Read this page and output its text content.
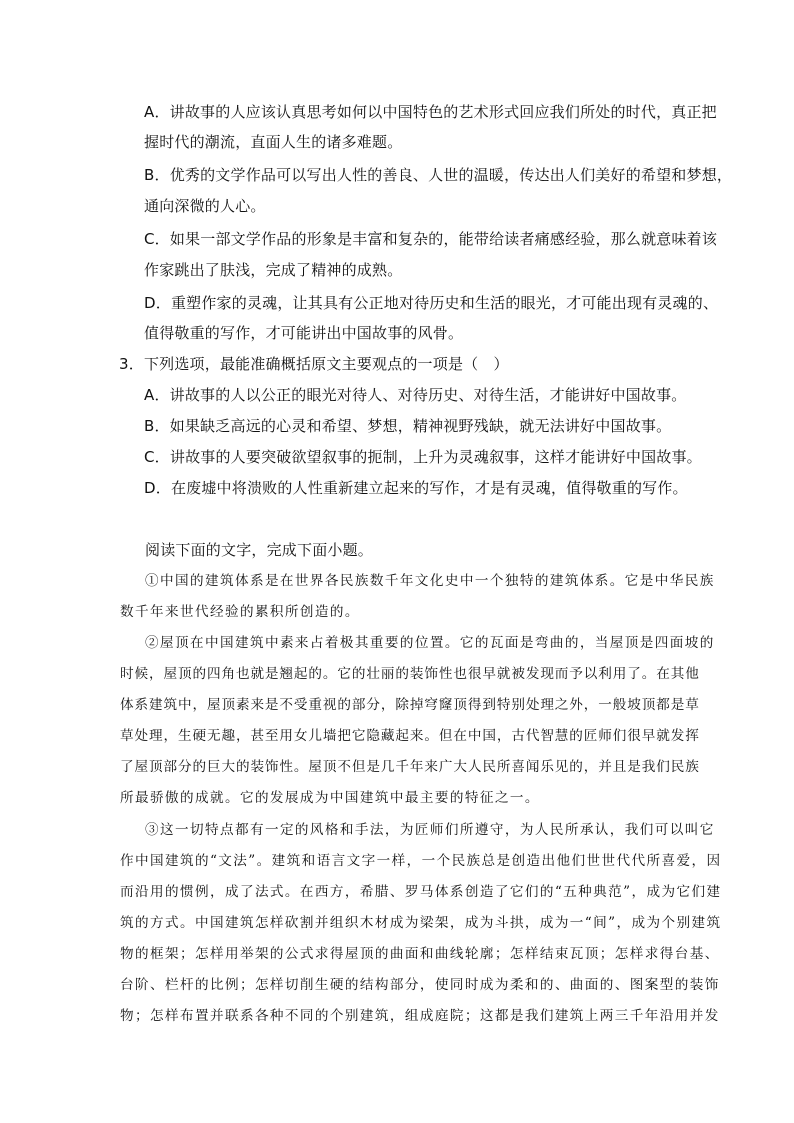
A．讲故事的人应该认真思考如何以中国特色的艺术形式回应我们所处的时代，真正把
握时代的潮流，直面人生的诸多难题。
B．优秀的文学作品可以写出人性的善良、人世的温暖，传达出人们美好的希望和梦想，
通向深微的人心。
C．如果一部文学作品的形象是丰富和复杂的，能带给读者痛感经验，那么就意味着该
作家跳出了肤浅，完成了精神的成熟。
D．重塑作家的灵魂，让其具有公正地对待历史和生活的眼光，才可能出现有灵魂的、
值得敬重的写作，才可能讲出中国故事的风骨。
3．下列选项，最能准确概括原文主要观点的一项是（　）
A．讲故事的人以公正的眼光对待人、对待历史、对待生活，才能讲好中国故事。
B．如果缺乏高远的心灵和希望、梦想，精神视野残缺，就无法讲好中国故事。
C．讲故事的人要突破欲望叙事的扼制，上升为灵魂叙事，这样才能讲好中国故事。
D．在废墟中将溃败的人性重新建立起来的写作，才是有灵魂，值得敬重的写作。
阅读下面的文字，完成下面小题。
①中国的建筑体系是在世界各民族数千年文化史中一个独特的建筑体系。它是中华民族
数千年来世代经验的累积所创造的。
②屋顶在中国建筑中素来占着极其重要的位置。它的瓦面是弯曲的，当屋顶是四面坡的
时候，屋顶的四角也就是翘起的。它的壮丽的装饰性也很早就被发现而予以利用了。在其他
体系建筑中，屋顶素来是不受重视的部分，除掉穹窿顶得到特别处理之外，一般坡顶都是草
草处理，生硬无趣，甚至用女儿墙把它隐藏起来。但在中国，古代智慧的匠师们很早就发挥
了屋顶部分的巨大的装饰性。屋顶不但是几千年来广大人民所喜闻乐见的，并且是我们民族
所最骄傲的成就。它的发展成为中国建筑中最主要的特征之一。
③这一切特点都有一定的风格和手法，为匠师们所遵守，为人民所承认，我们可以叫它
作中国建筑的“文法”。建筑和语言文字一样，一个民族总是创造出他们世世代代所喜爱，因
而沿用的惯例，成了法式。在西方，希腊、罗马体系创造了它们的“五种典范”，成为它们建
筑的方式。中国建筑怎样砍割并组织木材成为梁架，成为斗拱，成为一“间”，成为个别建筑
物的框架；怎样用举架的公式求得屋顶的曲面和曲线轮廓；怎样结束瓦顶；怎样求得台基、
台阶、栏杆的比例；怎样切削生硬的结构部分，使同时成为柔和的、曲面的、图案型的装饰
物；怎样布置并联系各种不同的个别建筑，组成庭院；这都是我们建筑上两三千年沿用并发
